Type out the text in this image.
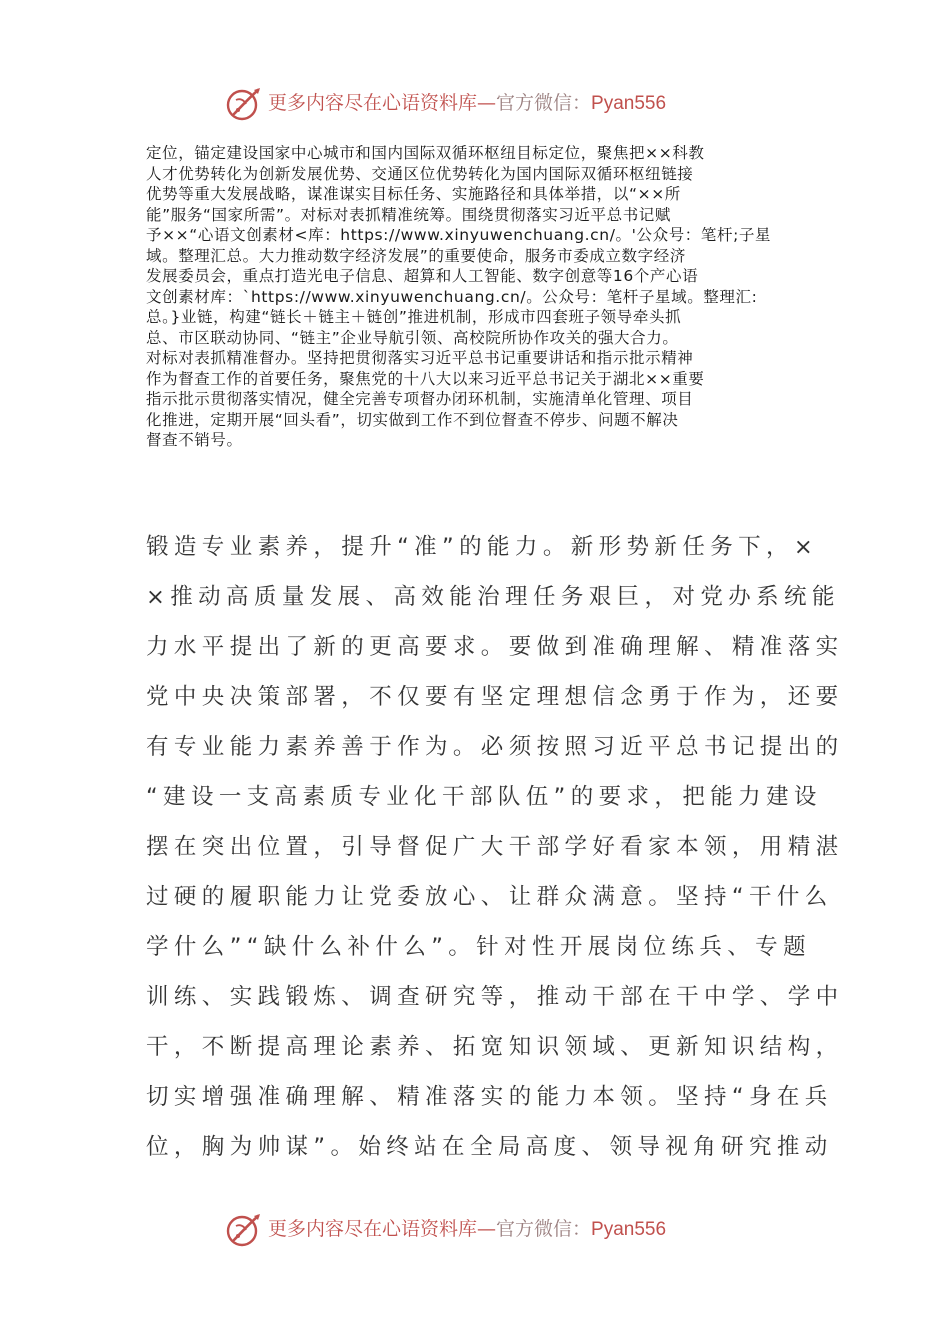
更多内容尽在心语资料库—官方微信：Pyan556
定位，锚定建设国家中心城市和国内国际双循环枢纽目标定位，聚焦把××科教
人才优势转化为创新发展优势、交通区位优势转化为国内国际双循环枢纽链接
优势等重大发展战略，谋准谋实目标任务、实施路径和具体举措，以“××所
能”服务“国家所需”。对标对表抓精准统筹。围绕贯彻落实习近平总书记赋
予××“心语文创素材<库：https://www.xinyuwenchuang.cn/。'公众号：笔杆;子星
域。整理汇总。大力推动数字经济发展”的重要使命，服务市委成立数字经济
发展委员会，重点打造光电子信息、超算和人工智能、数字创意等16个产心语
文创素材库：`https://www.xinyuwenchuang.cn/。公众号：笔杆子星域。整理汇:
总。}业链，构建“链长＋链主＋链创”推进机制，形成市四套班子领导牵头抓
总、市区联动协同、“链主”企业导航引领、高校院所协作攻关的强大合力。
对标对表抓精准督办。坚持把贯彻落实习近平总书记重要讲话和指示批示精神
作为督查工作的首要任务，聚焦党的十八大以来习近平总书记关于湖北××重要
指示批示贯彻落实情况，健全完善专项督办闭环机制，实施清单化管理、项目
化推进，定期开展“回头看”，切实做到工作不到位督查不停步、问题不解决
督查不销号。
锻造专业素养，提升“准”的能力。新形势新任务下，×
×推动高质量发展、高效能治理任务艰巨，对党办系统能
力水平提出了新的更高要求。要做到准确理解、精准落实
党中央决策部署，不仅要有坚定理想信念勇于作为，还要
有专业能力素养善于作为。必须按照习近平总书记提出的
“建设一支高素质专业化干部队伍”的要求，把能力建设
摆在突出位置，引导督促广大干部学好看家本领，用精湛
过硬的履职能力让党委放心、让群众满意。坚持“干什么
学什么”“缺什么补什么”。针对性开展岗位练兵、专题
训练、实践锻炼、调查研究等，推动干部在干中学、学中
干，不断提高理论素养、拓宽知识领域、更新知识结构，
切实增强准确理解、精准落实的能力本领。坚持“身在兵
位，胸为帅谋”。始终站在全局高度、领导视角研究推动
更多内容尽在心语资料库—官方微信：Pyan556
